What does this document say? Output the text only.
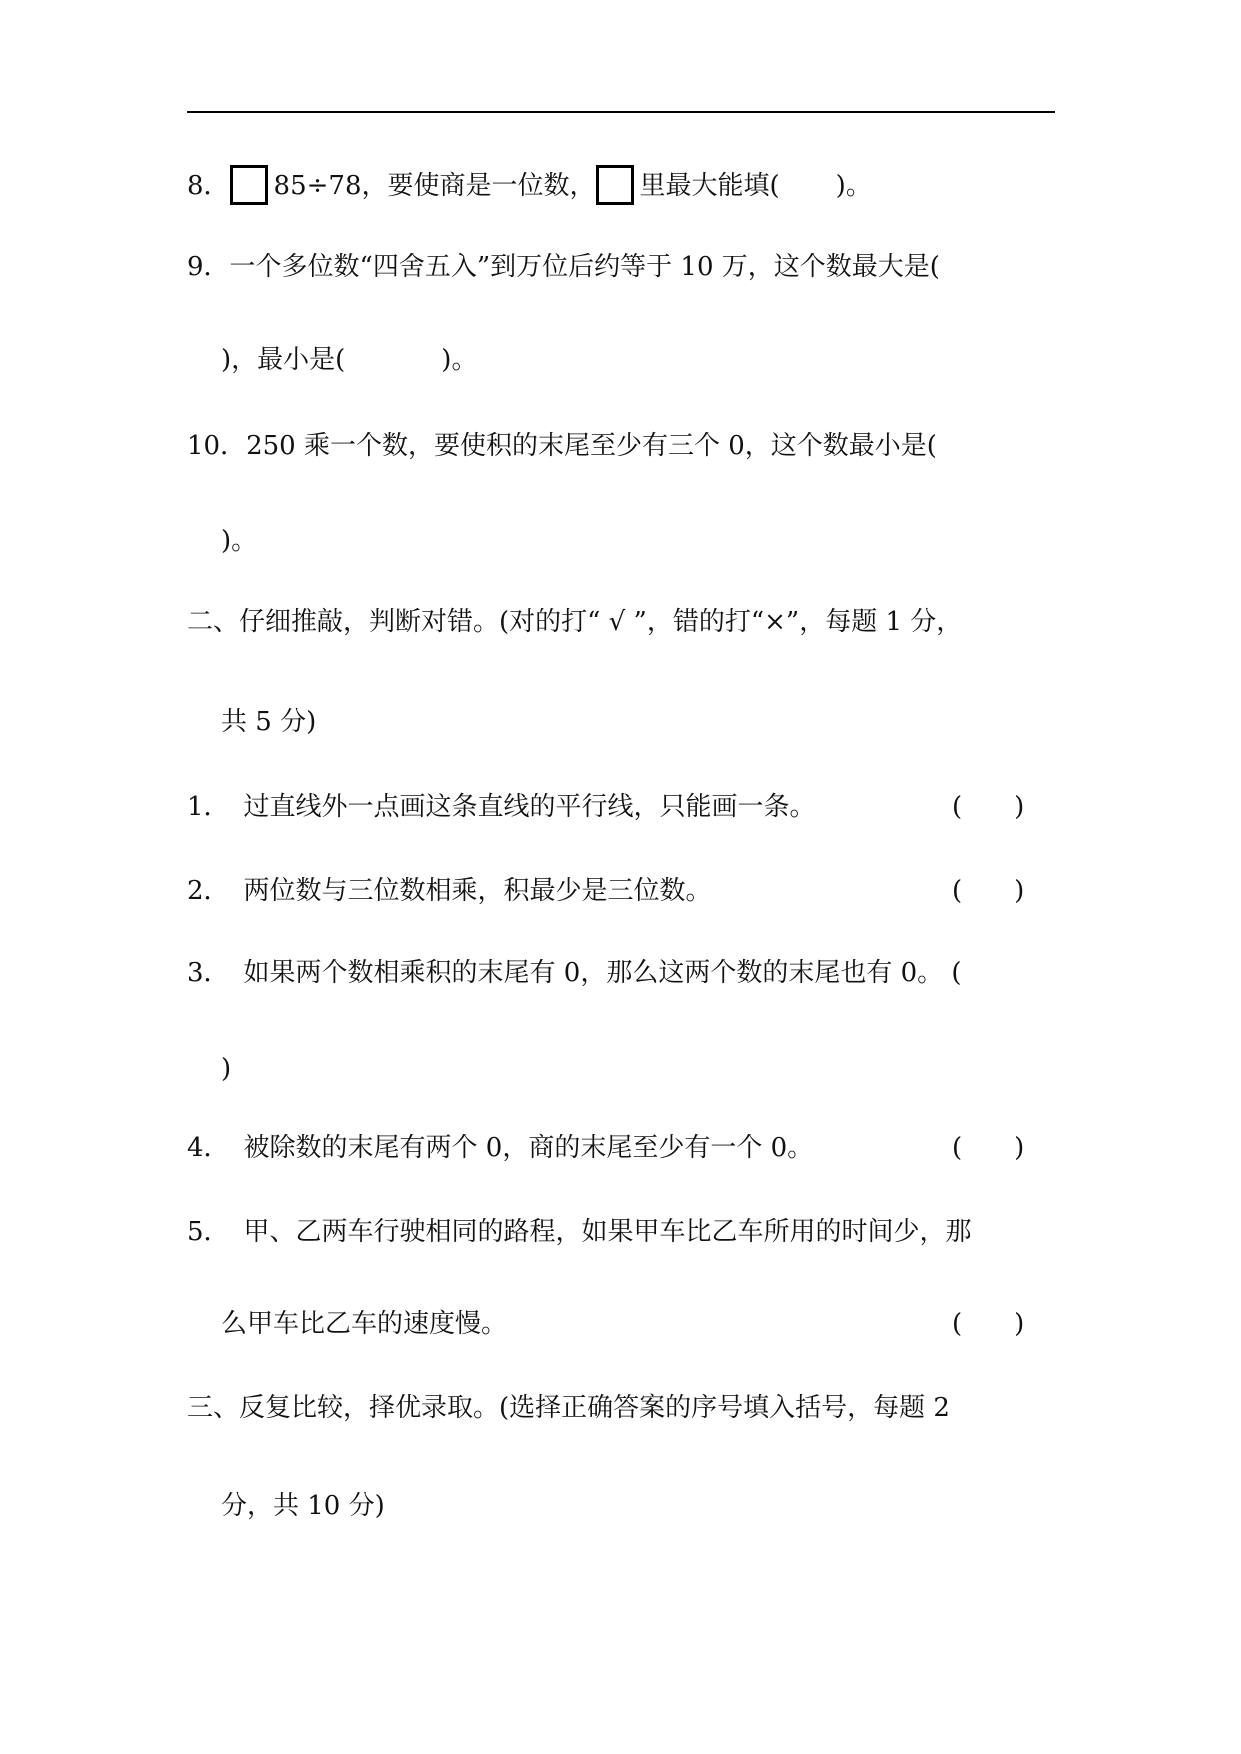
8． 85÷78，要使商是一位数， 里最大能填( )。
9．一个多位数“四舍五入”到万位后约等于 10 万，这个数最大是(
)，最小是(	)。
10．250 乘一个数，要使积的末尾至少有三个 0，这个数最小是(
)。
二、仔细推敲，判断对错。(对的打“ √ ”，错的打“×”，每题 1 分，
共 5 分)
1． 过直线外一点画这条直线的平行线，只能画一条。	(　　)
2． 两位数与三位数相乘，积最少是三位数。	(　　)
3． 如果两个数相乘积的末尾有 0，那么这两个数的末尾也有 0。 (
)
4． 被除数的末尾有两个 0，商的末尾至少有一个 0。	(　　)
5． 甲、乙两车行驶相同的路程，如果甲车比乙车所用的时间少，那
么甲车比乙车的速度慢。	(　　)
三、反复比较，择优录取。(选择正确答案的序号填入括号，每题 2
分，共 10 分)
